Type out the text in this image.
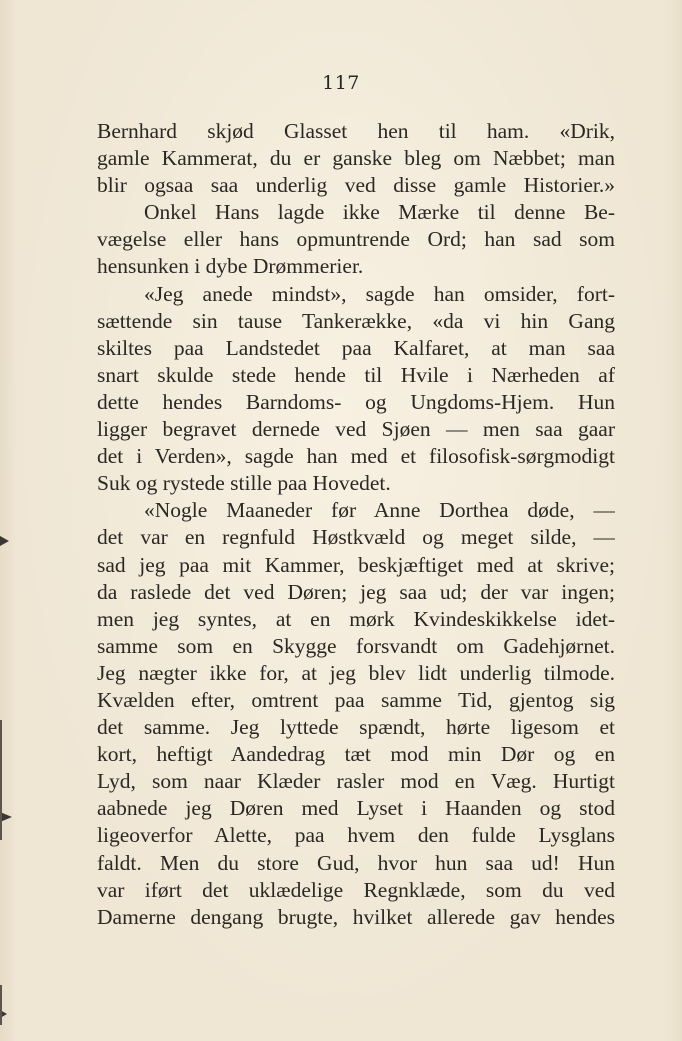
117
Bernhard skjød Glasset hen til ham. «Drik,
gamle Kammerat, du er ganske bleg om Næbbet; man
blir ogsaa saa underlig ved disse gamle Historier.»
Onkel Hans lagde ikke Mærke til denne Be-
vægelse eller hans opmuntrende Ord; han sad som
hensunken i dybe Drømmerier.
«Jeg anede mindst», sagde han omsider, fort-
sættende sin tause Tankerække, «da vi hin Gang
skiltes paa Landstedet paa Kalfaret, at man saa
snart skulde stede hende til Hvile i Nærheden af
dette hendes Barndoms- og Ungdoms-Hjem. Hun
ligger begravet dernede ved Sjøen — men saa gaar
det i Verden», sagde han med et filosofisk-sørgmodigt
Suk og rystede stille paa Hovedet.
«Nogle Maaneder før Anne Dorthea døde, —
det var en regnfuld Høstkvæld og meget silde, —
sad jeg paa mit Kammer, beskjæftiget med at skrive;
da raslede det ved Døren; jeg saa ud; der var ingen;
men jeg syntes, at en mørk Kvindeskikkelse idet-
samme som en Skygge forsvandt om Gadehjørnet.
Jeg nægter ikke for, at jeg blev lidt underlig tilmode.
Kvælden efter, omtrent paa samme Tid, gjentog sig
det samme. Jeg lyttede spændt, hørte ligesom et
kort, heftigt Aandedrag tæt mod min Dør og en
Lyd, som naar Klæder rasler mod en Væg. Hurtigt
aabnede jeg Døren med Lyset i Haanden og stod
ligeoverfor Alette, paa hvem den fulde Lysglans
faldt. Men du store Gud, hvor hun saa ud! Hun
var iført det uklædelige Regnklæde, som du ved
Damerne dengang brugte, hvilket allerede gav hendes
